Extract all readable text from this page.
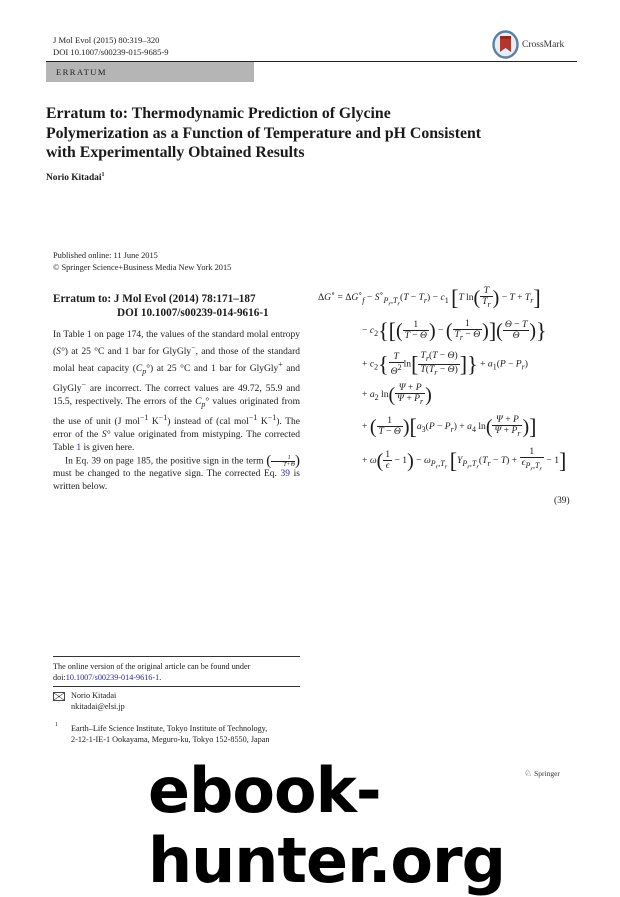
J Mol Evol (2015) 80:319–320
DOI 10.1007/s00239-015-9685-9
CrossMark
ERRATUM
Erratum to: Thermodynamic Prediction of Glycine Polymerization as a Function of Temperature and pH Consistent with Experimentally Obtained Results
Norio Kitadai$^1$
Published online: 11 June 2015
© Springer Science+Business Media New York 2015
Erratum to: J Mol Evol (2014) 78:171–187
DOI 10.1007/s00239-014-9616-1

In Table 1 on page 174, the values of the standard molal entropy (S°) at 25 °C and 1 bar for GlyGly−, and those of the standard molal heat capacity $(C_p^\circ)$ at 25 °C and 1 bar for GlyGly+ and GlyGly− are incorrect. The correct values are 49.72, 55.9 and 15.5, respectively. The errors of the $C_p^\circ$ values originated from the use of unit (J mol$^{-1}$ $K^{-1}$) instead of (cal mol$^{-1}$ $K^{-1}$). The error of the S° value originated from mistyping. The corrected Table 1 is given here.

In Eq. 39 on page 185, the positive sign in the term ( $\frac{1}{T+\Theta}$ ) must be changed to the negative sign. The corrected Eq. 39 is written below.

$\Delta G^\circ = \Delta G^\circ_f - S^\circ_{P_r,T_r}(T - T_r) - c_1$ [T $\ln( \frac{T}{T_r}$ ) − $T + T_r$]
− $c_2\{[( \frac{1}{T - \Theta}$ ) − ( $\frac{1}{T_r - \Theta}$ )]( $\frac{\Theta - T}{\Theta}$ )}
+ $c_2\{ \frac{T}{\Theta^2} \ln[ \frac{T_r(T - \Theta)}{T(T_r - \Theta)}$ ]} + $a_1(P - P_r)$
+ $a_2$ $\ln( \frac{\Psi + P}{\Psi + P_r}$ )
+ ( $\frac{1}{T - \Theta} )[a_3(P - P_r) + a_4$ $\ln( \frac{\Psi + P}{\Psi + P_r}$ )]
+ $\omega( \frac{1}{\epsilon} - 1) - \omega_{P_r,T_r}$ $[Y_{P_r,T_r}(T_r - T) + \frac{1}{\epsilon_{P_r,T_r}} - 1]$
(39)
The online version of the original article can be found under doi:10.1007/s00239-014-9616-1.
Norio Kitadai
nkitadai@elsi.jp
1 Earth–Life Science Institute, Tokyo Institute of Technology,
2-12-1-IE-1 Ookayama, Meguro-ku, Tokyo 152-8550, Japan
♘ Springer
ebook-hunter.org
